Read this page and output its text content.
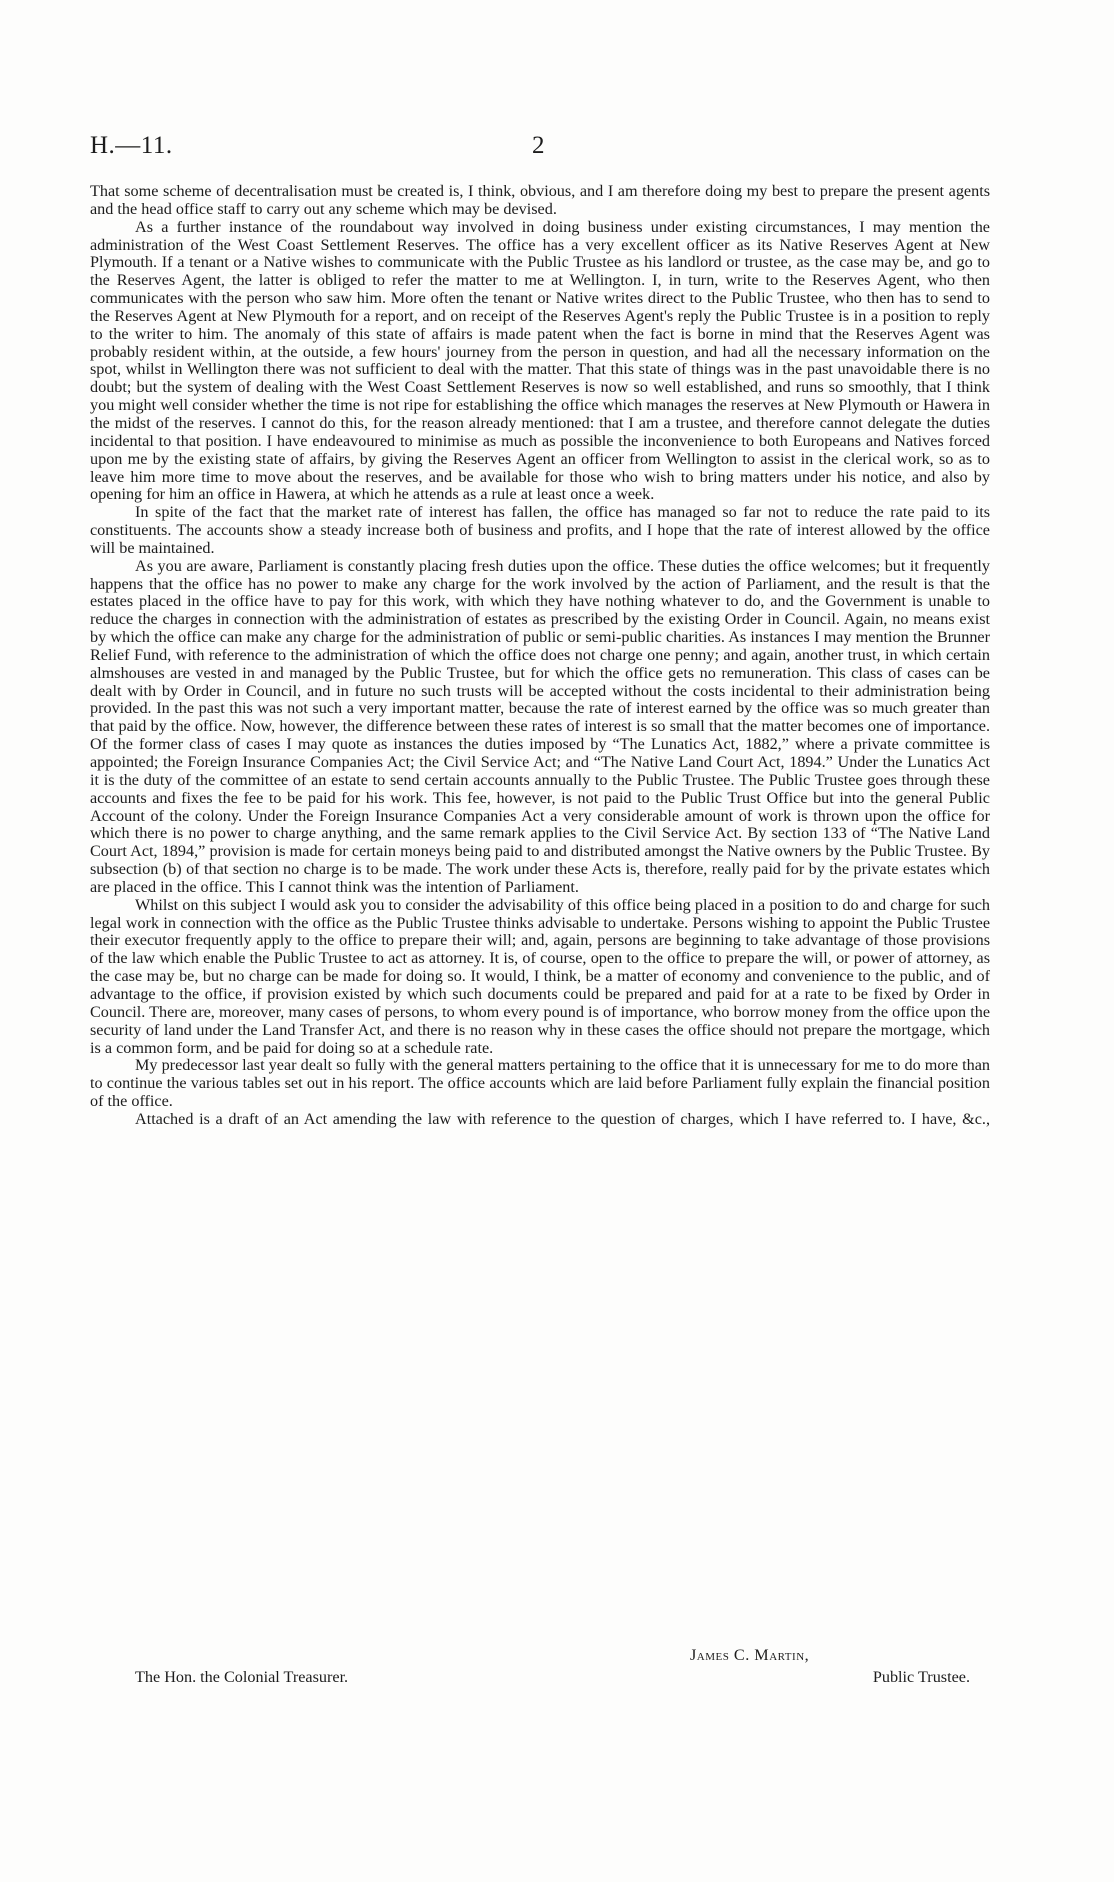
H.—11.	2

That some scheme of decentralisation must be created is, I think, obvious, and I am therefore doing my best to prepare the present agents and the head office staff to carry out any scheme which may be devised.

As a further instance of the roundabout way involved in doing business under existing circumstances, I may mention the administration of the West Coast Settlement Reserves. The office has a very excellent officer as its Native Reserves Agent at New Plymouth. If a tenant or a Native wishes to communicate with the Public Trustee as his landlord or trustee, as the case may be, and go to the Reserves Agent, the latter is obliged to refer the matter to me at Wellington. I, in turn, write to the Reserves Agent, who then communicates with the person who saw him. More often the tenant or Native writes direct to the Public Trustee, who then has to send to the Reserves Agent at New Plymouth for a report, and on receipt of the Reserves Agent's reply the Public Trustee is in a position to reply to the writer to him. The anomaly of this state of affairs is made patent when the fact is borne in mind that the Reserves Agent was probably resident within, at the outside, a few hours' journey from the person in question, and had all the necessary information on the spot, whilst in Wellington there was not sufficient to deal with the matter. That this state of things was in the past unavoidable there is no doubt; but the system of dealing with the West Coast Settlement Reserves is now so well established, and runs so smoothly, that I think you might well consider whether the time is not ripe for establishing the office which manages the reserves at New Plymouth or Hawera in the midst of the reserves. I cannot do this, for the reason already mentioned: that I am a trustee, and therefore cannot delegate the duties incidental to that position. I have endeavoured to minimise as much as possible the inconvenience to both Europeans and Natives forced upon me by the existing state of affairs, by giving the Reserves Agent an officer from Wellington to assist in the clerical work, so as to leave him more time to move about the reserves, and be available for those who wish to bring matters under his notice, and also by opening for him an office in Hawera, at which he attends as a rule at least once a week.

In spite of the fact that the market rate of interest has fallen, the office has managed so far not to reduce the rate paid to its constituents. The accounts show a steady increase both of business and profits, and I hope that the rate of interest allowed by the office will be maintained.

As you are aware, Parliament is constantly placing fresh duties upon the office. These duties the office welcomes; but it frequently happens that the office has no power to make any charge for the work involved by the action of Parliament, and the result is that the estates placed in the office have to pay for this work, with which they have nothing whatever to do, and the Government is unable to reduce the charges in connection with the administration of estates as prescribed by the existing Order in Council. Again, no means exist by which the office can make any charge for the administration of public or semi-public charities. As instances I may mention the Brunner Relief Fund, with reference to the administration of which the office does not charge one penny; and again, another trust, in which certain almshouses are vested in and managed by the Public Trustee, but for which the office gets no remuneration. This class of cases can be dealt with by Order in Council, and in future no such trusts will be accepted without the costs incidental to their administration being provided. In the past this was not such a very important matter, because the rate of interest earned by the office was so much greater than that paid by the office. Now, however, the difference between these rates of interest is so small that the matter becomes one of importance. Of the former class of cases I may quote as instances the duties imposed by “The Lunatics Act, 1882,” where a private committee is appointed; the Foreign Insurance Companies Act; the Civil Service Act; and “The Native Land Court Act, 1894.” Under the Lunatics Act it is the duty of the committee of an estate to send certain accounts annually to the Public Trustee. The Public Trustee goes through these accounts and fixes the fee to be paid for his work. This fee, however, is not paid to the Public Trust Office but into the general Public Account of the colony. Under the Foreign Insurance Companies Act a very considerable amount of work is thrown upon the office for which there is no power to charge anything, and the same remark applies to the Civil Service Act. By section 133 of “The Native Land Court Act, 1894,” provision is made for certain moneys being paid to and distributed amongst the Native owners by the Public Trustee. By subsection (b) of that section no charge is to be made. The work under these Acts is, therefore, really paid for by the private estates which are placed in the office. This I cannot think was the intention of Parliament.

Whilst on this subject I would ask you to consider the advisability of this office being placed in a position to do and charge for such legal work in connection with the office as the Public Trustee thinks advisable to undertake. Persons wishing to appoint the Public Trustee their executor frequently apply to the office to prepare their will; and, again, persons are beginning to take advantage of those provisions of the law which enable the Public Trustee to act as attorney. It is, of course, open to the office to prepare the will, or power of attorney, as the case may be, but no charge can be made for doing so. It would, I think, be a matter of economy and convenience to the public, and of advantage to the office, if provision existed by which such documents could be prepared and paid for at a rate to be fixed by Order in Council. There are, moreover, many cases of persons, to whom every pound is of importance, who borrow money from the office upon the security of land under the Land Transfer Act, and there is no reason why in these cases the office should not prepare the mortgage, which is a common form, and be paid for doing so at a schedule rate.

My predecessor last year dealt so fully with the general matters pertaining to the office that it is unnecessary for me to do more than to continue the various tables set out in his report. The office accounts which are laid before Parliament fully explain the financial position of the office.

Attached is a draft of an Act amending the law with reference to the question of charges, which I have referred to. I have, &c.,

James C. Martin,
The Hon. the Colonial Treasurer.	Public Trustee.
